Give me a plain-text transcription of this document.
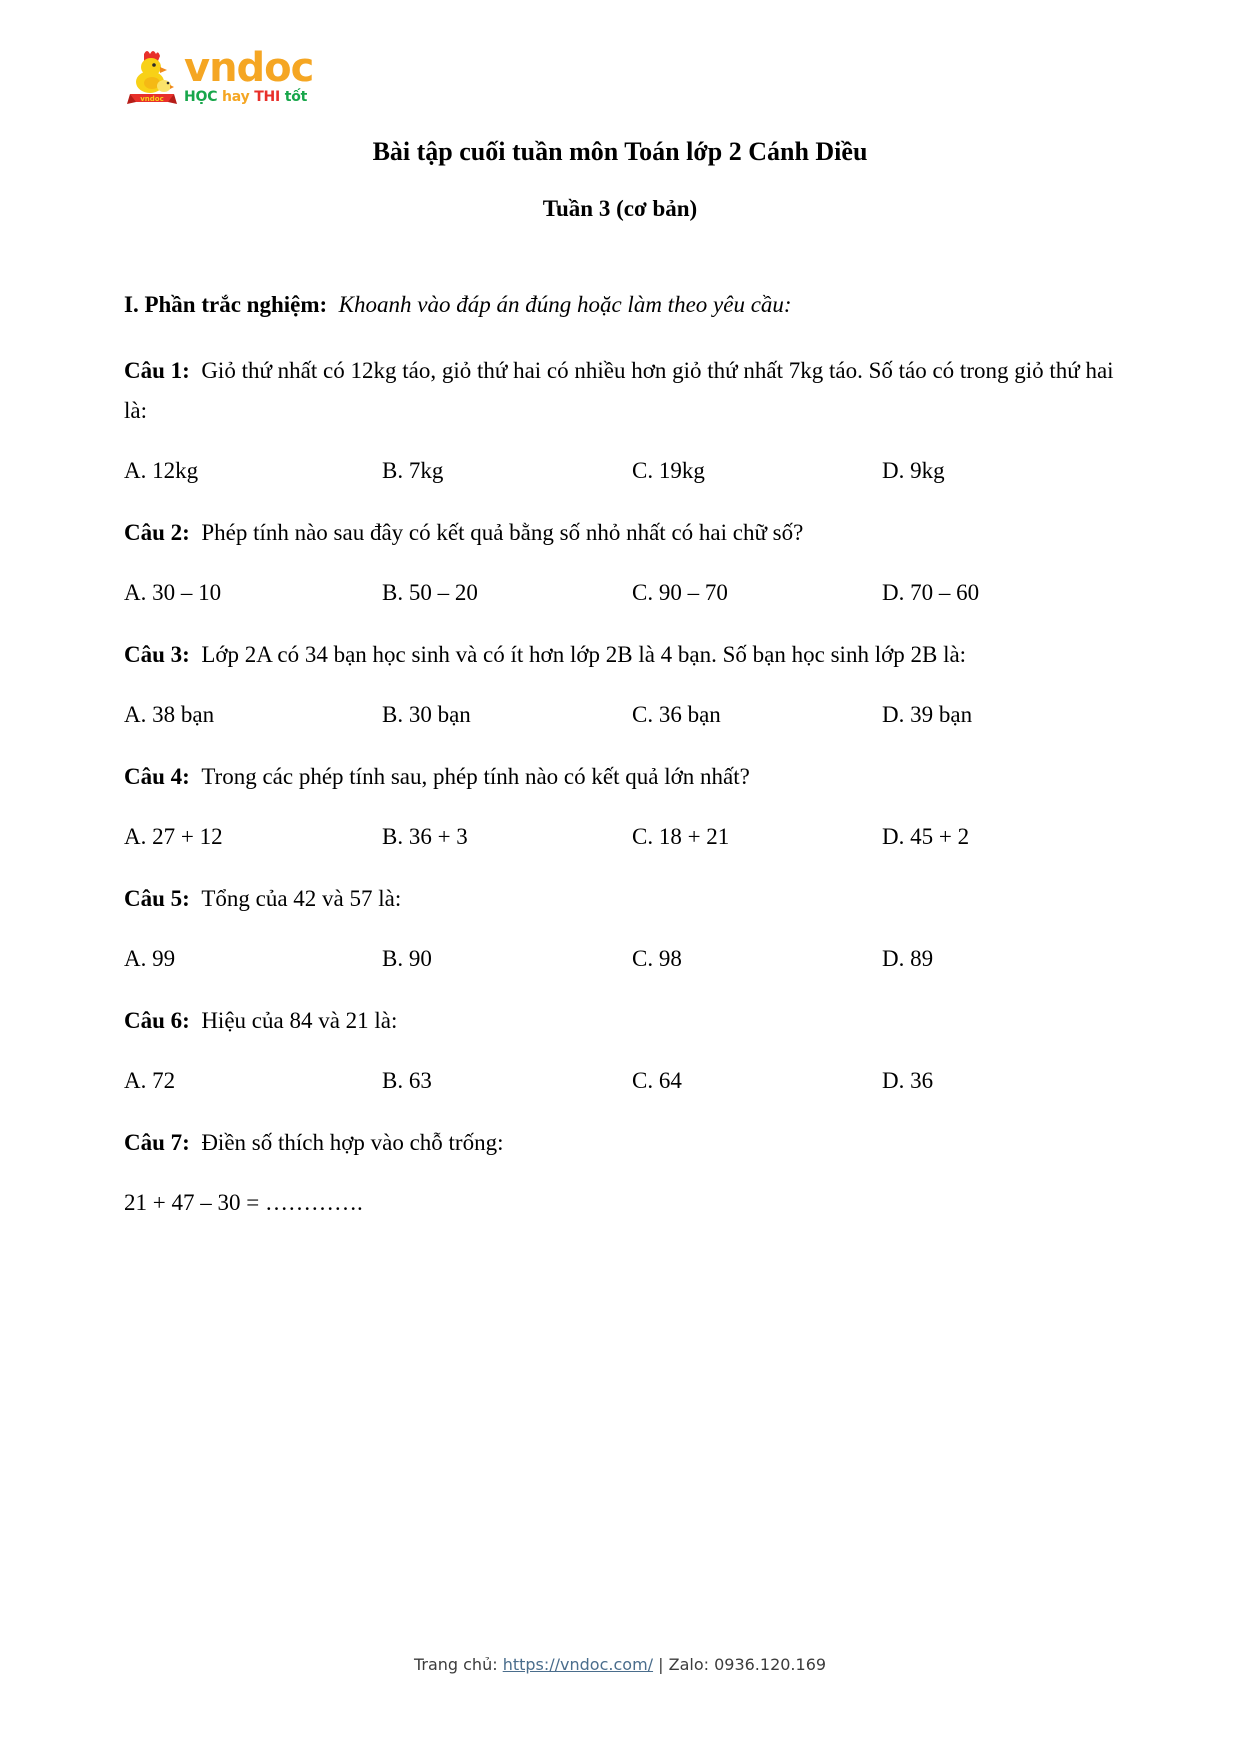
vndoc
vndoc
HỌC hay THI tốt
Bài tập cuối tuần môn Toán lớp 2 Cánh Diều
Tuần 3 (cơ bản)

I. Phần trắc nghiệm: Khoanh vào đáp án đúng hoặc làm theo yêu cầu:

Câu 1: Giỏ thứ nhất có 12kg táo, giỏ thứ hai có nhiều hơn giỏ thứ nhất 7kg táo. Số táo có trong giỏ thứ hai là:

A. 12kg	B. 7kg	C. 19kg	D. 9kg

Câu 2: Phép tính nào sau đây có kết quả bằng số nhỏ nhất có hai chữ số?

A. 30 – 10	B. 50 – 20	C. 90 – 70	D. 70 – 60

Câu 3: Lớp 2A có 34 bạn học sinh và có ít hơn lớp 2B là 4 bạn. Số bạn học sinh lớp 2B là:

A. 38 bạn	B. 30 bạn	C. 36 bạn	D. 39 bạn

Câu 4: Trong các phép tính sau, phép tính nào có kết quả lớn nhất?

A. 27 + 12	B. 36 + 3	C. 18 + 21	D. 45 + 2

Câu 5: Tổng của 42 và 57 là:

A. 99	B. 90	C. 98	D. 89

Câu 6: Hiệu của 84 và 21 là:

A. 72	B. 63	C. 64	D. 36

Câu 7: Điền số thích hợp vào chỗ trống:

21 + 47 – 30 = ………….

Trang chủ: https://vndoc.com/ | Zalo: 0936.120.169
